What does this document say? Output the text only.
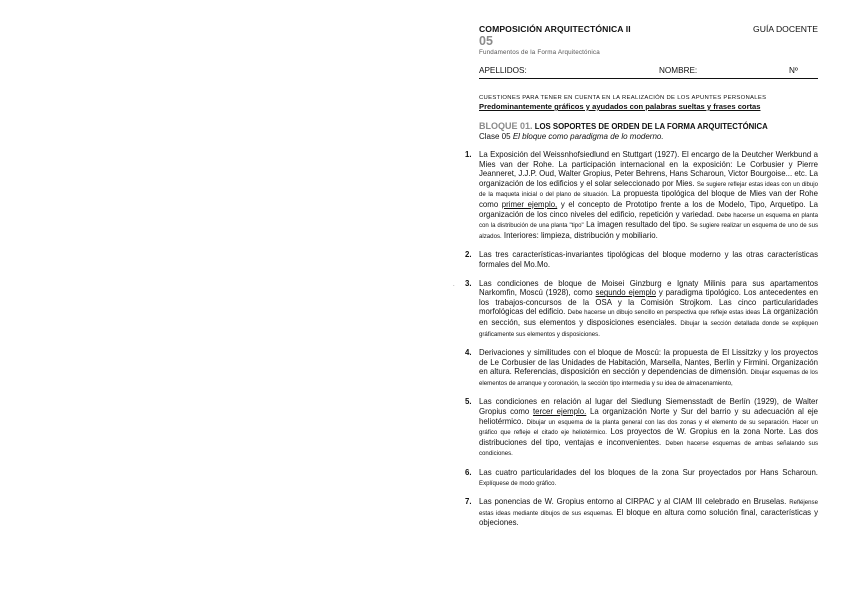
.
COMPOSICIÓN ARQUITECTÓNICA II
05
Fundamentos de la Forma Arquitectónica
GUÍA DOCENTE
APELLIDOS:	NOMBRE:	Nº
CUESTIONES PARA TENER EN CUENTA EN LA REALIZACIÓN DE LOS APUNTES PERSONALES
Predominantemente gráficos y ayudados con palabras sueltas y frases cortas
BLOQUE 01. LOS SOPORTES DE ORDEN DE LA FORMA ARQUITECTÓNICA
Clase 05 El bloque como paradigma de lo moderno.
1. La Exposición del Weissnhofsiedlund en Stuttgart (1927). El encargo de la Deutcher Werkbund a Mies van der Rohe. La participación internacional en la exposición: Le Corbusier y Pierre Jeanneret, J.J.P. Oud, Walter Gropius, Peter Behrens, Hans Scharoun, Victor Bourgoise... etc. La organización de los edificios y el solar seleccionado por Mies. Se sugiere reflejar estas ideas con un dibujo de la maqueta inicial o del plano de situación. La propuesta tipológica del bloque de Mies van der Rohe como primer ejemplo, y el concepto de Prototipo frente a los de Modelo, Tipo, Arquetipo. La organización de los cinco niveles del edificio, repetición y variedad. Debe hacerse un esquema en planta con la distribución de una planta "tipo" La imagen resultado del tipo. Se sugiere realizar un esquema de uno de sus alzados. Interiores: limpieza, distribución y mobiliario.
2. Las tres características-invariantes tipológicas del bloque moderno y las otras características formales del Mo.Mo.
3. Las condiciones de bloque de Moisei Ginzburg e Ignaty Milinis para sus apartamentos Narkomfin, Moscú (1928), como segundo ejemplo y paradigma tipológico. Los antecedentes en los trabajos-concursos de la OSA y la Comisión Strojkom. Las cinco particularidades morfológicas del edificio. Debe hacerse un dibujo sencillo en perspectiva que refleje estas ideas La organización en sección, sus elementos y disposiciones esenciales. Dibujar la sección detallada donde se expliquen gráficamente sus elementos y disposiciones.
4. Derivaciones y similitudes con el bloque de Moscú: la propuesta de El Lissitzky y los proyectos de Le Corbusier de las Unidades de Habitación, Marsella, Nantes, Berlín y Firmini. Organización en altura. Referencias, disposición en sección y dependencias de dimensión. Dibujar esquemas de los elementos de arranque y coronación, la sección tipo intermedia y su idea de almacenamiento,
5. Las condiciones en relación al lugar del Siedlung Siemensstadt de Berlín (1929), de Walter Gropius como tercer ejemplo. La organización Norte y Sur del barrio y su adecuación al eje heliotérmico. Dibujar un esquema de la planta general con las dos zonas y el elemento de su separación. Hacer un gráfico que refleje el citado eje heliotérmico. Los proyectos de W. Gropius en la zona Norte. Las dos distribuciones del tipo, ventajas e inconvenientes. Deben hacerse esquemas de ambas señalando sus condiciones.
6. Las cuatro particularidades del los bloques de la zona Sur proyectados por Hans Scharoun. Explíquese de modo gráfico.
7. Las ponencias de W. Gropius entorno al CIRPAC y al CIAM III celebrado en Bruselas. Refléjense estas ideas mediante dibujos de sus esquemas. El bloque en altura como solución final, características y objeciones.
